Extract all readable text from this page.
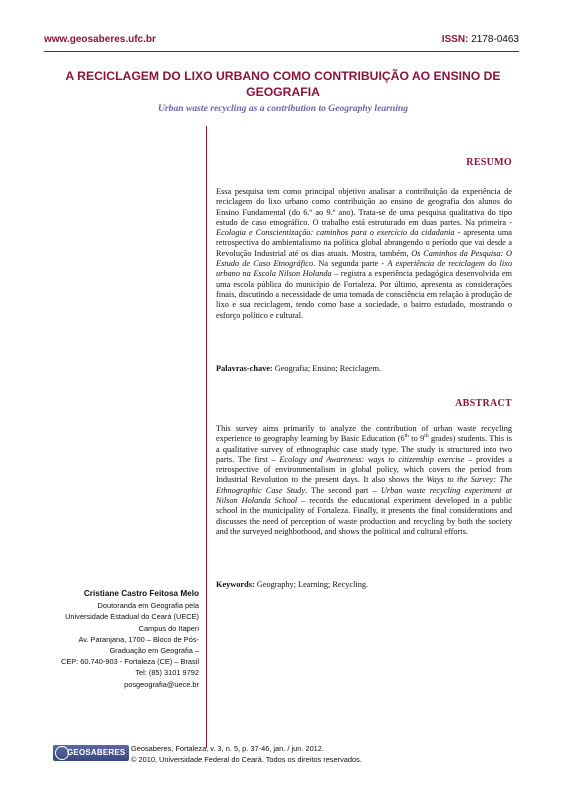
www.geosaberes.ufc.br	ISSN: 2178-0463
A RECICLAGEM DO LIXO URBANO COMO CONTRIBUIÇÃO AO ENSINO DE
GEOGRAFIA
Urban waste recycling as a contribution to Geography learning
RESUMO
Essa pesquisa tem como principal objetivo analisar a contribuição da experiência de reciclagem do lixo urbano como contribuição ao ensino de geografia dos alunos do Ensino Fundamental (do 6.º ao 9.º ano). Trata-se de uma pesquisa qualitativa do tipo estudo de caso etnográfico. O trabalho está estruturado em duas partes. Na primeira - Ecologia e Conscientização: caminhos para o exercício da cidadania - apresenta uma retrospectiva do ambientalismo na política global abrangendo o período que vai desde a Revolução Industrial até os dias atuais. Mostra, também, Os Caminhos da Pesquisa: O Estudo de Caso Etnográfico. Na segunda parte - A experiência de reciclagem do lixo urbano na Escola Nilson Holanda – registra a experiência pedagógica desenvolvida em uma escola pública do município de Fortaleza. Por último, apresenta as considerações finais, discutindo a necessidade de uma tomada de consciência em relação à produção de lixo e sua reciclagem, tendo como base a sociedade, o bairro estudado, mostrando o esforço político e cultural.
Palavras-chave: Geografia; Ensino; Reciclagem.
ABSTRACT
This survey aims primarily to analyze the contribution of urban waste recycling experience to geography learning by Basic Education (6th to 9th grades) students. This is a qualitative survey of ethnographic case study type. The study is structured into two parts. The first – Ecology and Awareness: ways to citizenship exercise – provides a retrospective of environmentalism in global policy, which covers the period from Industrial Revolution to the present days. It also shows the Ways to the Survey: The Ethnographic Case Study. The second part – Urban waste recycling experiment at Nilson Holanda School – records the educational experiment developed in a public school in the municipality of Fortaleza. Finally, it presents the final considerations and discusses the need of perception of waste production and recycling by both the society and the surveyed neighborhood, and shows the political and cultural efforts.
Keywords: Geography; Learning; Recycling.
Cristiane Castro Feitosa Melo
Doutoranda em Geografia pela
Universidade Estadual do Ceará (UECE)
Campus do Itaperi
Av. Paranjana, 1700 – Bloco de Pós-
Graduação em Geografia –
CEP: 60.740-903 - Fortaleza (CE) – Brasil
Tel: (85) 3101 9792
posgeografia@uece.br
GEOSABERES Geosaberes, Fortaleza, v. 3, n. 5, p. 37-46, jan. / jun. 2012.
© 2010, Universidade Federal do Ceará. Todos os direitos reservados.
